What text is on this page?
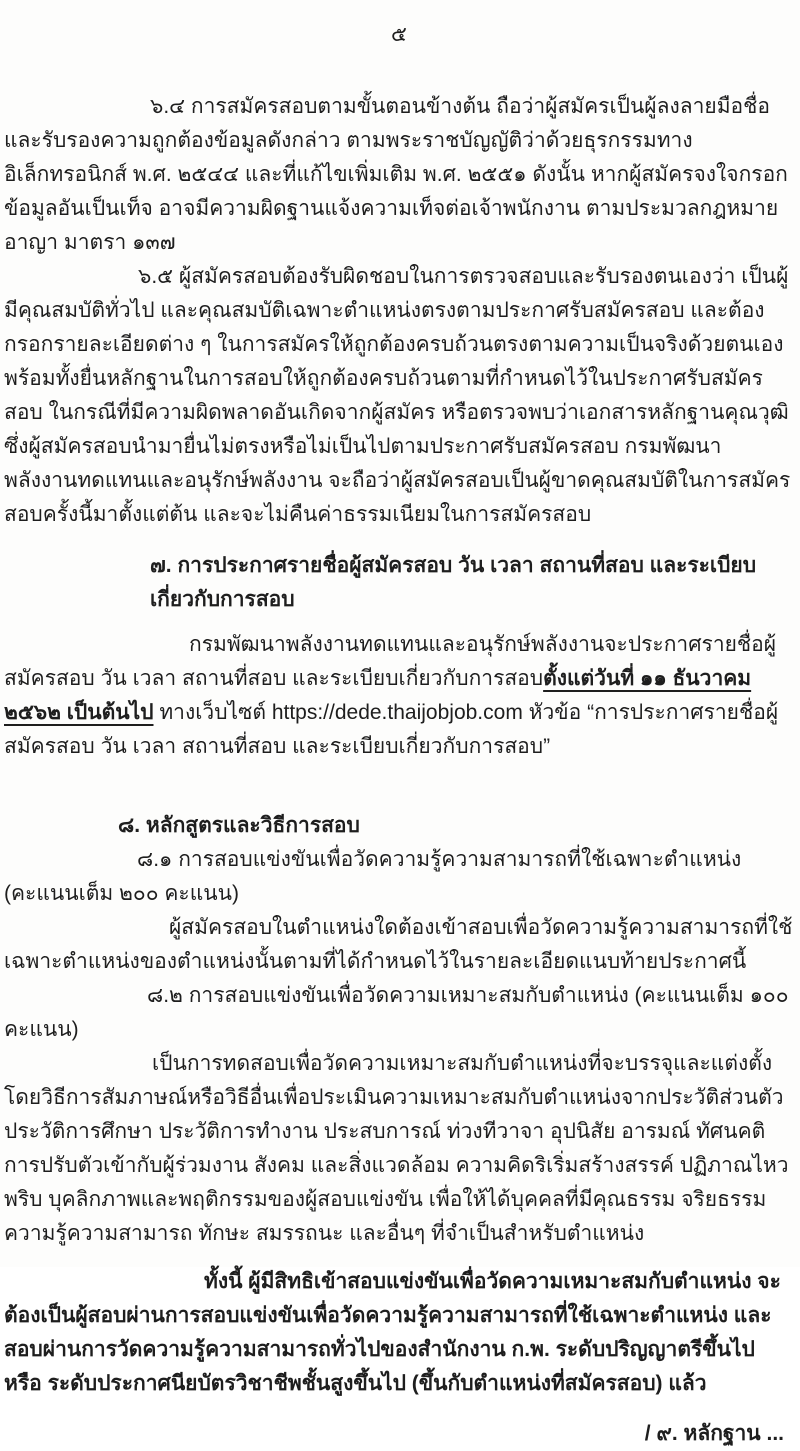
๕

๖.๔ การสมัครสอบตามขั้นตอนข้างต้น ถือว่าผู้สมัครเป็นผู้ลงลายมือชื่อ และรับรองความถูกต้องข้อมูลดังกล่าว ตามพระราชบัญญัติว่าด้วยธุรกรรมทางอิเล็กทรอนิกส์ พ.ศ. ๒๕๔๔ และที่แก้ไขเพิ่มเติม พ.ศ. ๒๕๕๑ ดังนั้น หากผู้สมัครจงใจกรอกข้อมูลอันเป็นเท็จ อาจมีความผิดฐานแจ้งความเท็จต่อเจ้าพนักงาน ตามประมวลกฎหมายอาญา มาตรา ๑๓๗

๖.๕ ผู้สมัครสอบต้องรับผิดชอบในการตรวจสอบและรับรองตนเองว่า เป็นผู้มีคุณสมบัติทั่วไป และคุณสมบัติเฉพาะตำแหน่งตรงตามประกาศรับสมัครสอบ และต้องกรอกรายละเอียดต่าง ๆ ในการสมัครให้ถูกต้องครบถ้วนตรงตามความเป็นจริงด้วยตนเอง พร้อมทั้งยื่นหลักฐานในการสอบให้ถูกต้องครบถ้วนตามที่กำหนดไว้ในประกาศรับสมัครสอบ ในกรณีที่มีความผิดพลาดอันเกิดจากผู้สมัคร หรือตรวจพบว่าเอกสารหลักฐานคุณวุฒิซึ่งผู้สมัครสอบนำมายื่นไม่ตรงหรือไม่เป็นไปตามประกาศรับสมัครสอบ กรมพัฒนาพลังงานทดแทนและอนุรักษ์พลังงาน จะถือว่าผู้สมัครสอบเป็นผู้ขาดคุณสมบัติในการสมัครสอบครั้งนี้มาตั้งแต่ต้น และจะไม่คืนค่าธรรมเนียมในการสมัครสอบ

๗. การประกาศรายชื่อผู้สมัครสอบ วัน เวลา สถานที่สอบ และระเบียบเกี่ยวกับการสอบ

กรมพัฒนาพลังงานทดแทนและอนุรักษ์พลังงานจะประกาศรายชื่อผู้สมัครสอบ วัน เวลา สถานที่สอบ และระเบียบเกี่ยวกับการสอบตั้งแต่วันที่ ๑๑ ธันวาคม ๒๕๖๒ เป็นต้นไป ทางเว็บไซต์ https://dede.thaijobjob.com หัวข้อ “การประกาศรายชื่อผู้สมัครสอบ วัน เวลา สถานที่สอบ และระเบียบเกี่ยวกับการสอบ”

๘. หลักสูตรและวิธีการสอบ

๘.๑ การสอบแข่งขันเพื่อวัดความรู้ความสามารถที่ใช้เฉพาะตำแหน่ง (คะแนนเต็ม ๒๐๐ คะแนน)

ผู้สมัครสอบในตำแหน่งใดต้องเข้าสอบเพื่อวัดความรู้ความสามารถที่ใช้เฉพาะตำแหน่งของตำแหน่งนั้นตามที่ได้กำหนดไว้ในรายละเอียดแนบท้ายประกาศนี้

๘.๒ การสอบแข่งขันเพื่อวัดความเหมาะสมกับตำแหน่ง (คะแนนเต็ม ๑๐๐ คะแนน)

เป็นการทดสอบเพื่อวัดความเหมาะสมกับตำแหน่งที่จะบรรจุและแต่งตั้ง โดยวิธีการสัมภาษณ์หรือวิธีอื่นเพื่อประเมินความเหมาะสมกับตำแหน่งจากประวัติส่วนตัว ประวัติการศึกษา ประวัติการทำงาน ประสบการณ์ ท่วงทีวาจา อุปนิสัย อารมณ์ ทัศนคติ การปรับตัวเข้ากับผู้ร่วมงาน สังคม และสิ่งแวดล้อม ความคิดริเริ่มสร้างสรรค์ ปฏิภาณไหวพริบ บุคลิกภาพและพฤติกรรมของผู้สอบแข่งขัน เพื่อให้ได้บุคคลที่มีคุณธรรม จริยธรรม ความรู้ความสามารถ ทักษะ สมรรถนะ และอื่นๆ ที่จำเป็นสำหรับตำแหน่ง

ทั้งนี้ ผู้มีสิทธิเข้าสอบแข่งขันเพื่อวัดความเหมาะสมกับตำแหน่ง จะต้องเป็นผู้สอบผ่านการสอบแข่งขันเพื่อวัดความรู้ความสามารถที่ใช้เฉพาะตำแหน่ง และสอบผ่านการวัดความรู้ความสามารถทั่วไปของสำนักงาน ก.พ. ระดับปริญญาตรีขึ้นไป หรือ ระดับประกาศนียบัตรวิชาชีพชั้นสูงขึ้นไป (ขึ้นกับตำแหน่งที่สมัครสอบ) แล้ว

/ ๙. หลักฐาน ...
